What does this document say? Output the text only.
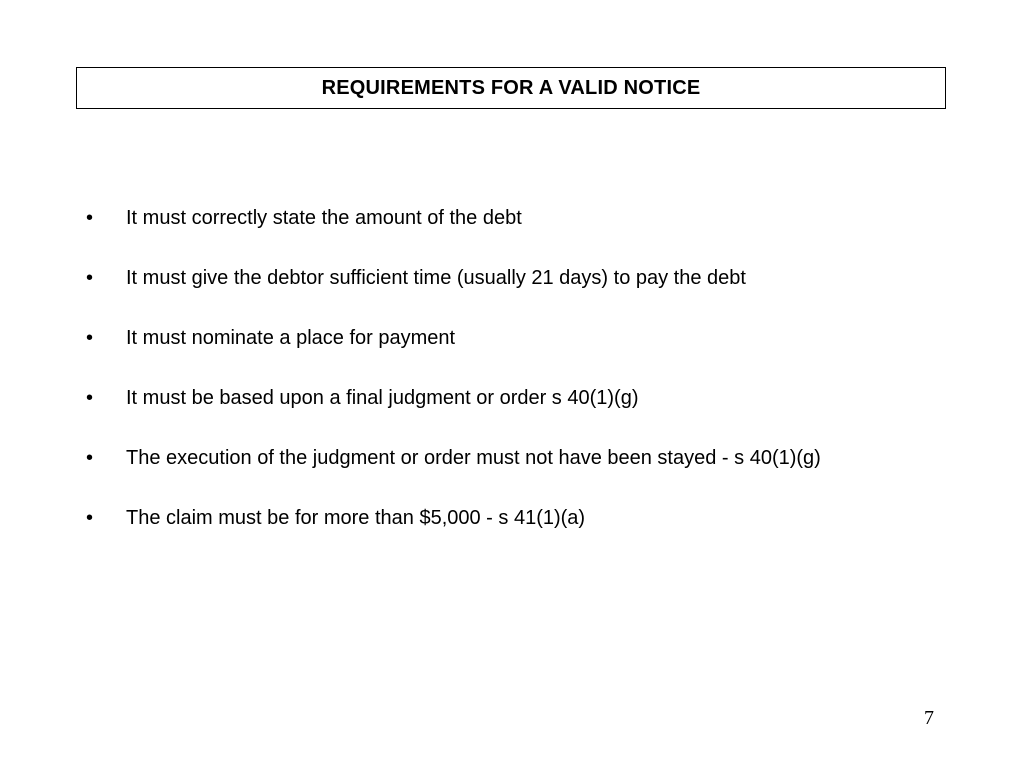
REQUIREMENTS FOR A VALID NOTICE
•	It must correctly state the amount of the debt
•	It must give the debtor sufficient time (usually 21 days) to pay the debt
•	It must nominate a place for payment
•	It must be based upon a final judgment or order s 40(1)(g)
•	The execution of the judgment or order must not have been stayed - s 40(1)(g)
•	The claim must be for more than $5,000 - s 41(1)(a)
7
